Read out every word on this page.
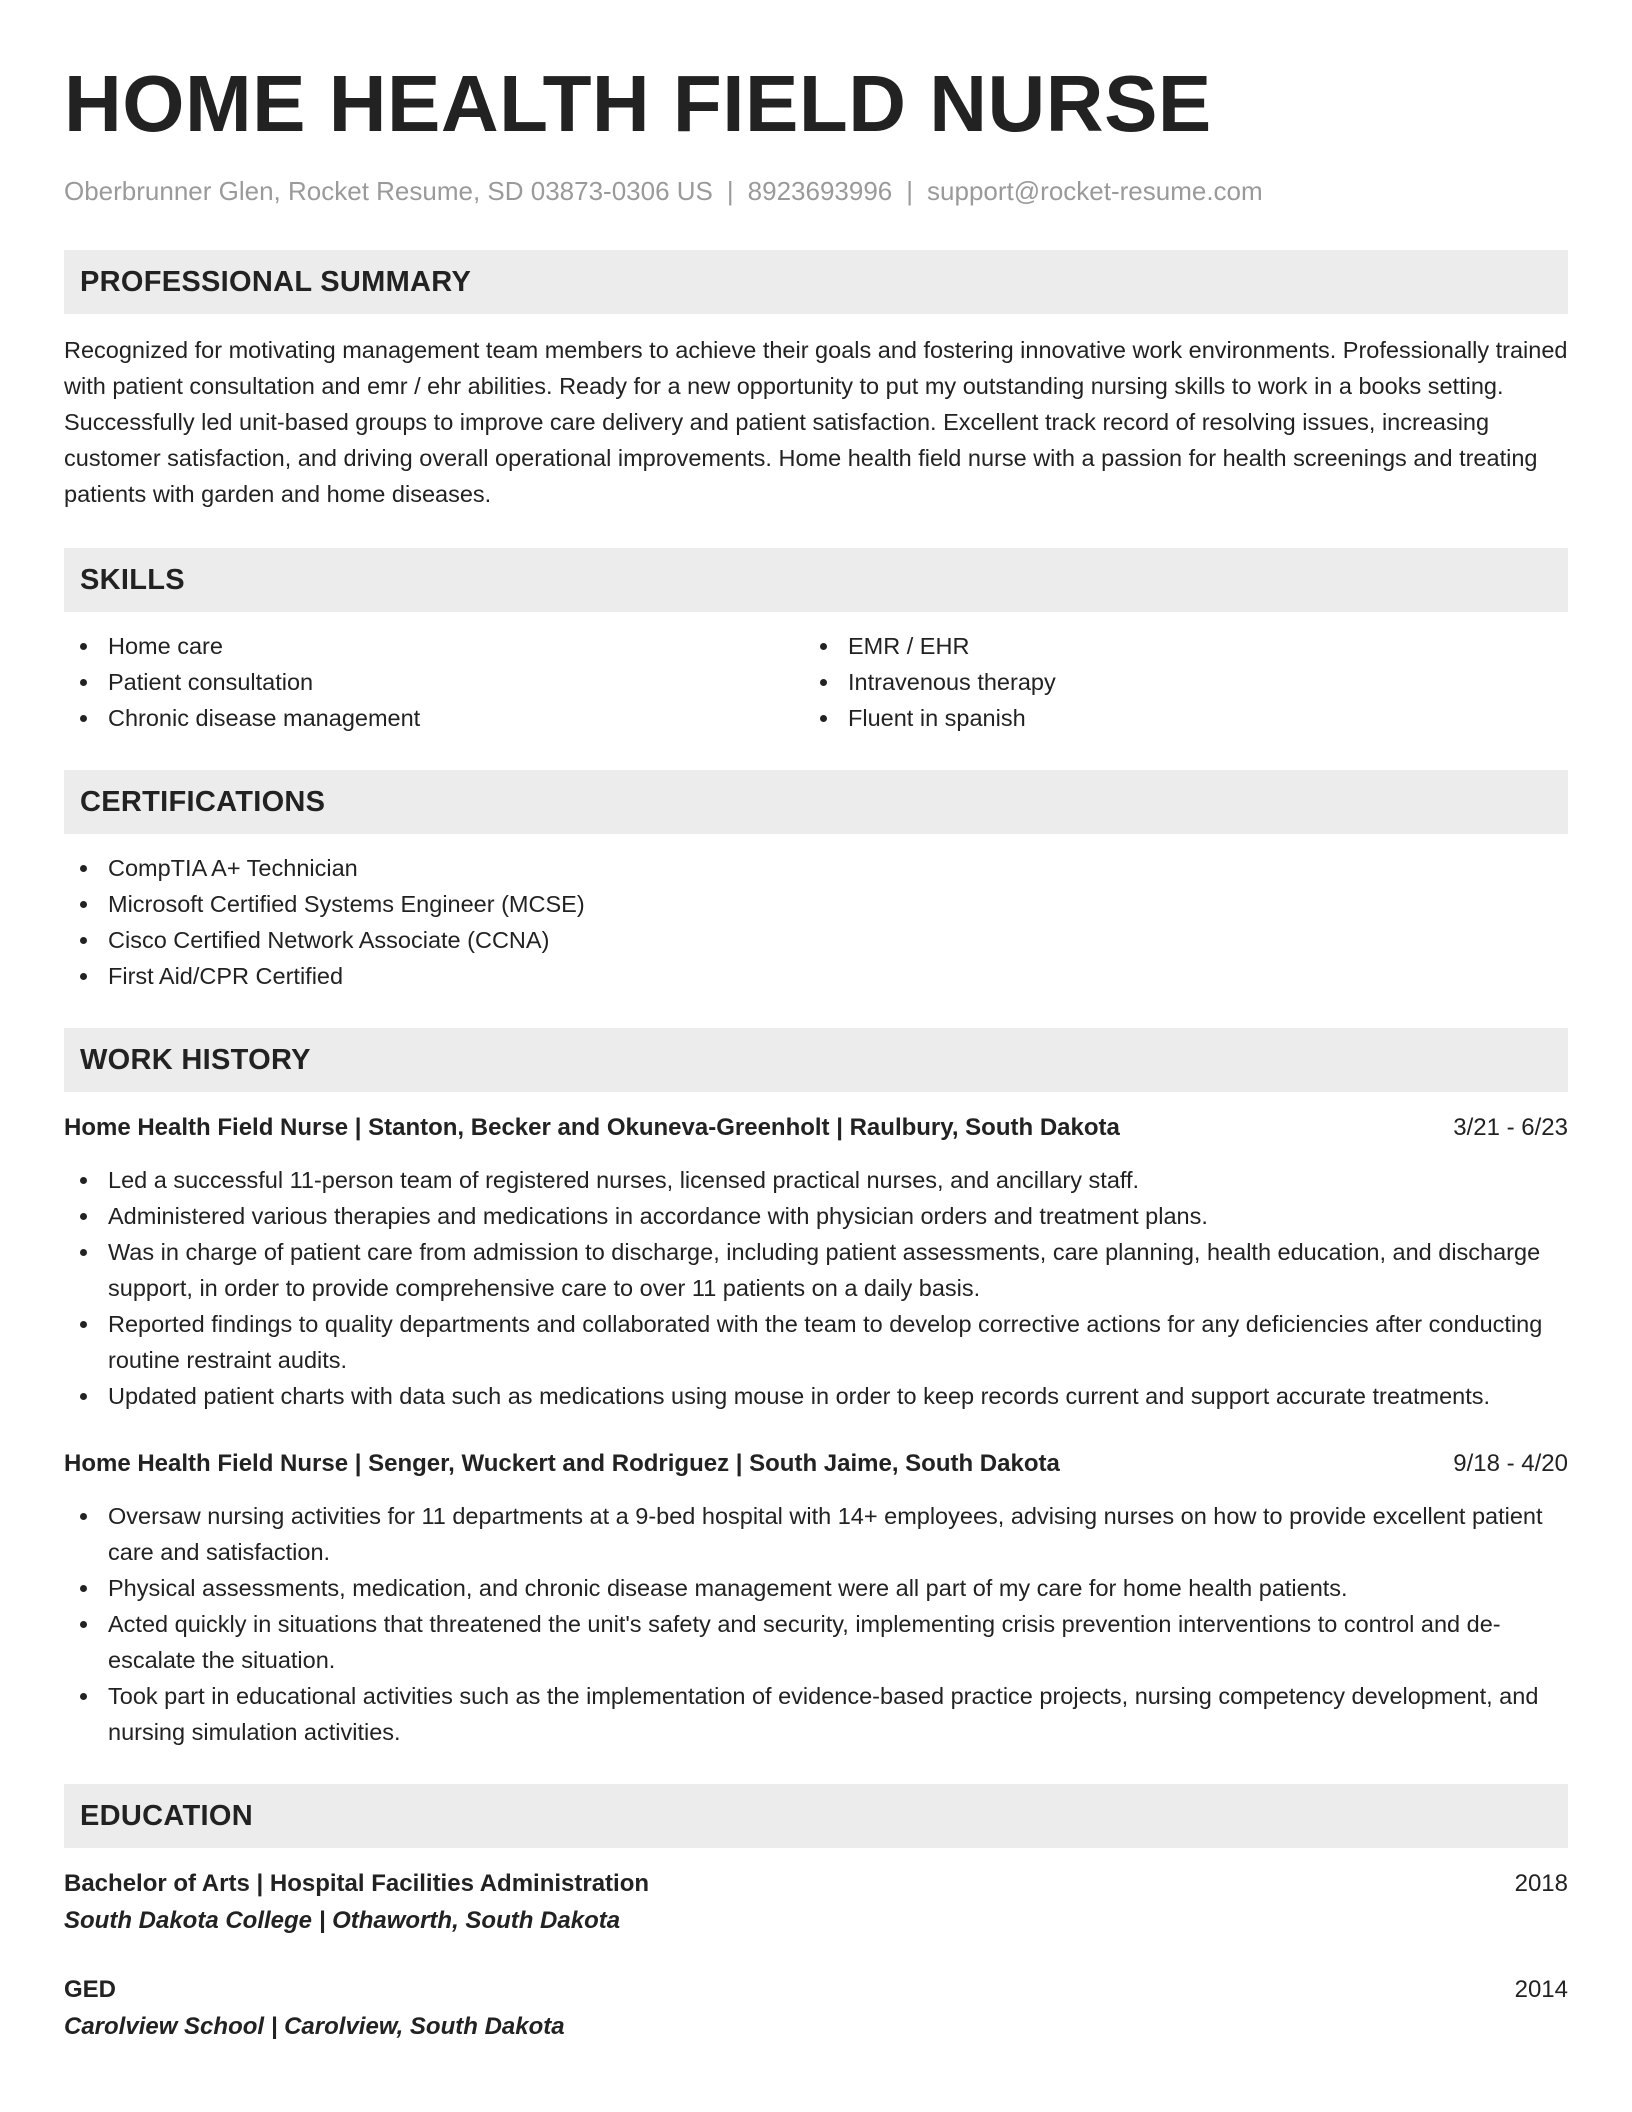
HOME HEALTH FIELD NURSE
Oberbrunner Glen, Rocket Resume, SD 03873-0306 US | 8923693996 | support@rocket-resume.com
PROFESSIONAL SUMMARY
Recognized for motivating management team members to achieve their goals and fostering innovative work environments. Professionally trained with patient consultation and emr / ehr abilities. Ready for a new opportunity to put my outstanding nursing skills to work in a books setting. Successfully led unit-based groups to improve care delivery and patient satisfaction. Excellent track record of resolving issues, increasing customer satisfaction, and driving overall operational improvements. Home health field nurse with a passion for health screenings and treating patients with garden and home diseases.
SKILLS
Home care
Patient consultation
Chronic disease management
EMR / EHR
Intravenous therapy
Fluent in spanish
CERTIFICATIONS
CompTIA A+ Technician
Microsoft Certified Systems Engineer (MCSE)
Cisco Certified Network Associate (CCNA)
First Aid/CPR Certified
WORK HISTORY
Home Health Field Nurse | Stanton, Becker and Okuneva-Greenholt | Raulbury, South Dakota	3/21 - 6/23
Led a successful 11-person team of registered nurses, licensed practical nurses, and ancillary staff.
Administered various therapies and medications in accordance with physician orders and treatment plans.
Was in charge of patient care from admission to discharge, including patient assessments, care planning, health education, and discharge support, in order to provide comprehensive care to over 11 patients on a daily basis.
Reported findings to quality departments and collaborated with the team to develop corrective actions for any deficiencies after conducting routine restraint audits.
Updated patient charts with data such as medications using mouse in order to keep records current and support accurate treatments.
Home Health Field Nurse | Senger, Wuckert and Rodriguez | South Jaime, South Dakota	9/18 - 4/20
Oversaw nursing activities for 11 departments at a 9-bed hospital with 14+ employees, advising nurses on how to provide excellent patient care and satisfaction.
Physical assessments, medication, and chronic disease management were all part of my care for home health patients.
Acted quickly in situations that threatened the unit's safety and security, implementing crisis prevention interventions to control and de-escalate the situation.
Took part in educational activities such as the implementation of evidence-based practice projects, nursing competency development, and nursing simulation activities.
EDUCATION
Bachelor of Arts | Hospital Facilities Administration	2018
South Dakota College | Othaworth, South Dakota
GED	2014
Carolview School | Carolview, South Dakota
